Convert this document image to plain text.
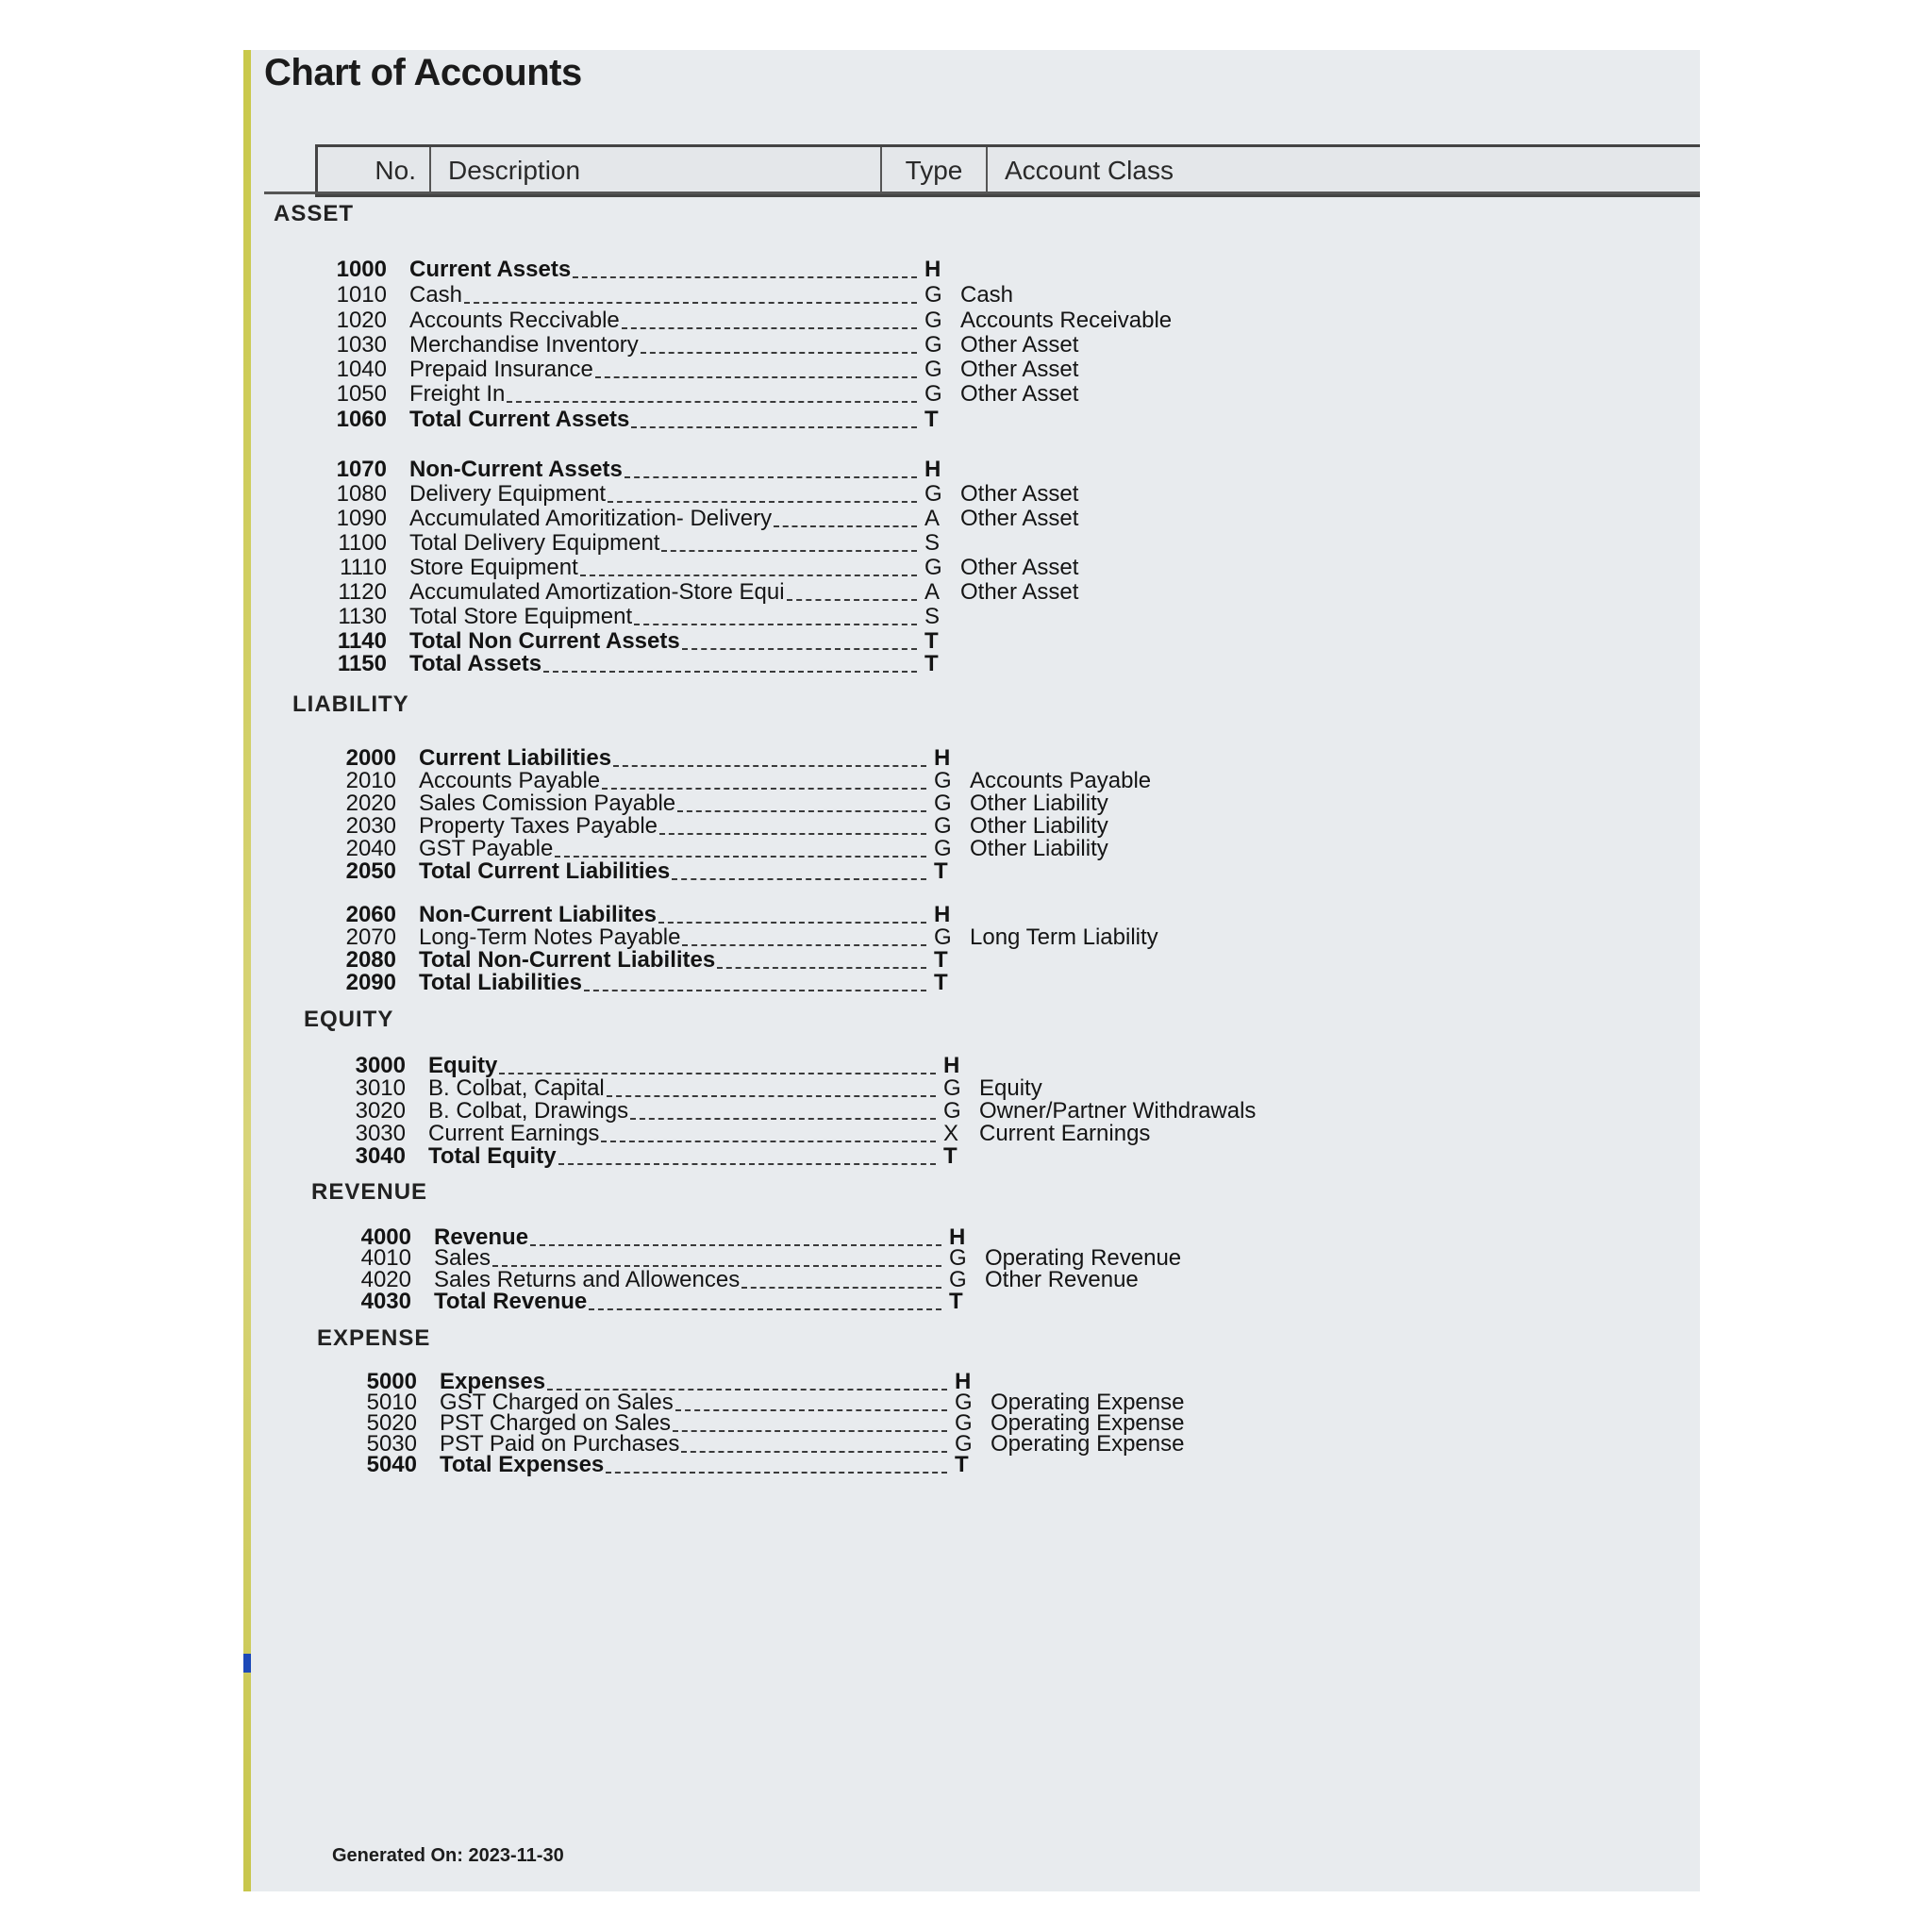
Chart of Accounts
No.	Description	Type	Account Class
ASSET
1000 Current Assets	H
1010 Cash	G Cash
1020 Accounts Reccivable	G Accounts Receivable
1030 Merchandise Inventory	G Other Asset
1040 Prepaid Insurance	G Other Asset
1050 Freight In	G Other Asset
1060 Total Current Assets	T
1070 Non-Current Assets	H
1080 Delivery Equipment	G Other Asset
1090 Accumulated Amoritization- Delivery	A Other Asset
1100 Total Delivery Equipment	S
1110 Store Equipment	G Other Asset
1120 Accumulated Amortization-Store Equi	A Other Asset
1130 Total Store Equipment	S
1140 Total Non Current Assets	T
1150 Total Assets	T
LIABILITY
2000 Current Liabilities	H
2010 Accounts Payable	G Accounts Payable
2020 Sales Comission Payable	G Other Liability
2030 Property Taxes Payable	G Other Liability
2040 GST Payable	G Other Liability
2050 Total Current Liabilities	T
2060 Non-Current Liabilites	H
2070 Long-Term Notes Payable	G Long Term Liability
2080 Total Non-Current Liabilites	T
2090 Total Liabilities	T
EQUITY
3000 Equity	H
3010 B. Colbat, Capital	G Equity
3020 B. Colbat, Drawings	G Owner/Partner Withdrawals
3030 Current Earnings	X Current Earnings
3040 Total Equity	T
REVENUE
4000 Revenue	H
4010 Sales	G Operating Revenue
4020 Sales Returns and Allowences	G Other Revenue
4030 Total Revenue	T
EXPENSE
5000 Expenses	H
5010 GST Charged on Sales	G Operating Expense
5020 PST Charged on Sales	G Operating Expense
5030 PST Paid on Purchases	G Operating Expense
5040 Total Expenses	T
Generated On: 2023-11-30
